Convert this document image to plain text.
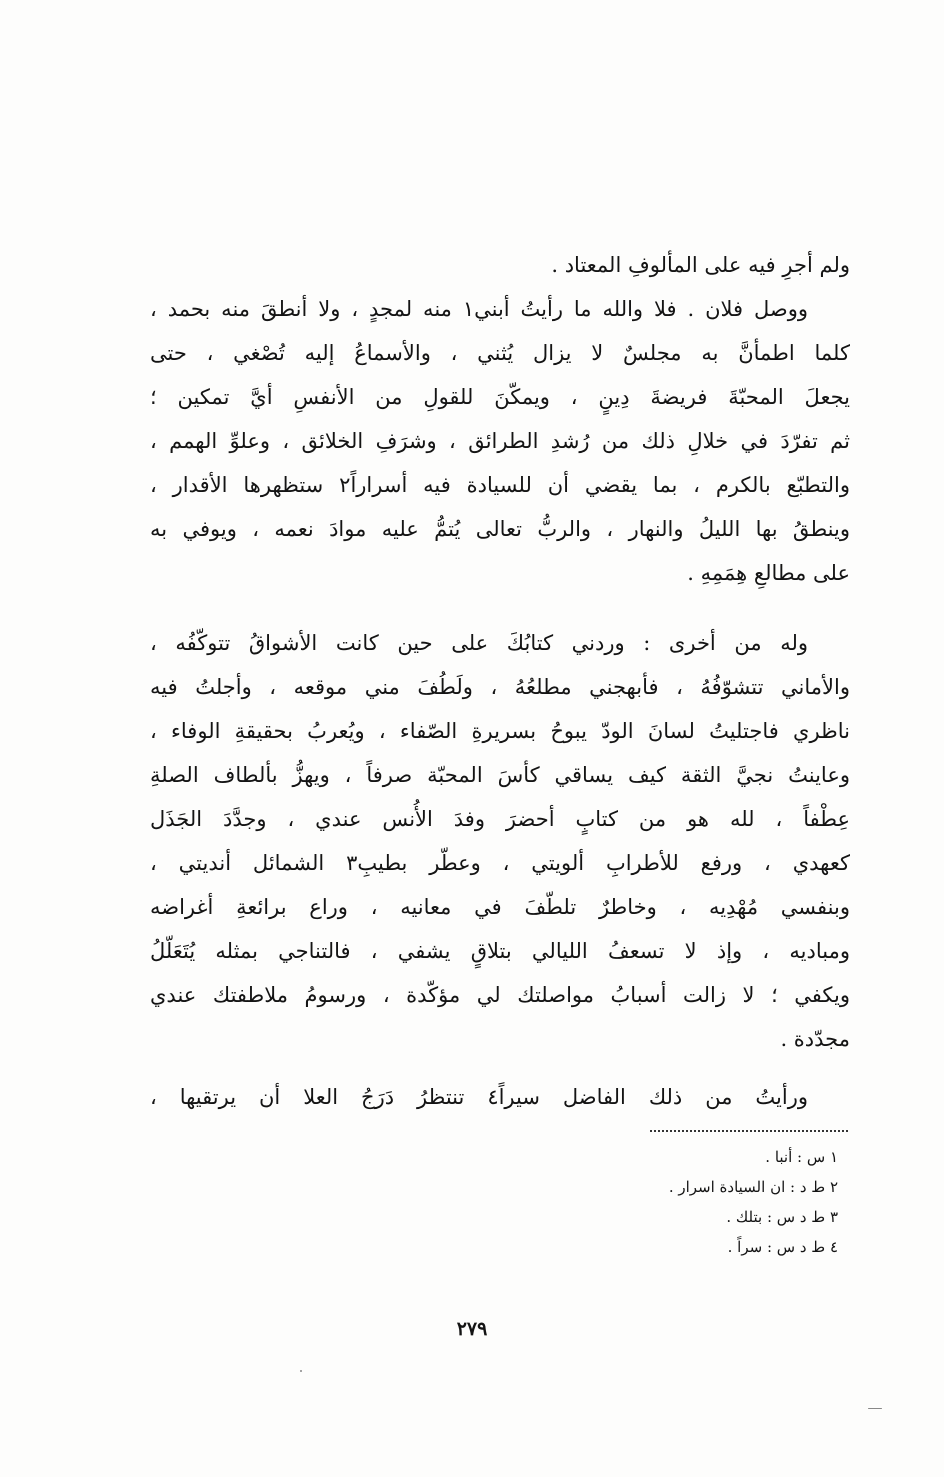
ولم أجرِ فيه على المألوفِ المعتاد .
ووصل فلان . فلا والله ما رأيتُ أبني١ منه لمجدٍ ، ولا أنطقَ منه بحمد ،
كلما اطمأنَّ به مجلسٌ لا يزال يُثني ، والأسماعُ إليه تُصْغي ، حتى
يجعلَ المحبّةَ فريضةَ دِينٍ ، ويمكّنَ للقولِ من الأنفسِ أيَّ تمكين ؛
ثم تفرّدَ في خلالِ ذلك من رُشدِ الطرائق ، وشرَفِ الخلائق ، وعلوِّ الهمم ،
والتطبّع بالكرم ، بما يقضي أن للسيادة فيه أسراراً٢ ستظهرها الأقدار ،
وينطقُ بها الليلُ والنهار ، والربُّ تعالى يُتمُّ عليه موادَ نعمه ، ويوفي به
على مطالعِ هِمَمِهِ .
وله من أخرى : وردني كتابُكَ على حين كانت الأشواقُ تتوكّفُه ،
والأماني تتشوّفُهُ ، فأبهجني مطلعُهُ ، ولَطُفَ مني موقعه ، وأجلتُ فيه
ناظري فاجتليتُ لسانَ الودّ يبوحُ بسريرةِ الصّفاء ، ويُعربُ بحقيقةِ الوفاء ،
وعاينتُ نجيَّ الثقة كيف يساقي كأسَ المحبّة صرفاً ، ويهزُّ بألطاف الصلةِ
عِطْفاً ، لله هو من كتابٍ أحضرَ وفدَ الأُنس عندي ، وجدَّدَ الجَذَل
كعهدي ، ورفع للأطرابِ ألويتي ، وعطّر بطيبِ٣ الشمائل أنديتي ،
وبنفسي مُهْدِيه ، وخاطرٌ تلطّفَ في معانيه ، وراع برائعةِ أغراضه
ومباديه ، وإذ لا تسعفُ الليالي بتلاقٍ يشفي ، فالتناجي بمثله يُتَعَلّلُ
ويكفي ؛ لا زالت أسبابُ مواصلتك لي مؤكّدة ، ورسومُ ملاطفتك عندي
مجدّدة .
ورأيتُ من ذلك الفاضل سيراً٤ تنتظرُ دَرَجُ العلا أن يرتقيها ،
١ س : أنبا .
٢ ط د : ان السيادة اسرار .
٣ ط د س : بتلك .
٤ ط د س : سراً .
٢٧٩
